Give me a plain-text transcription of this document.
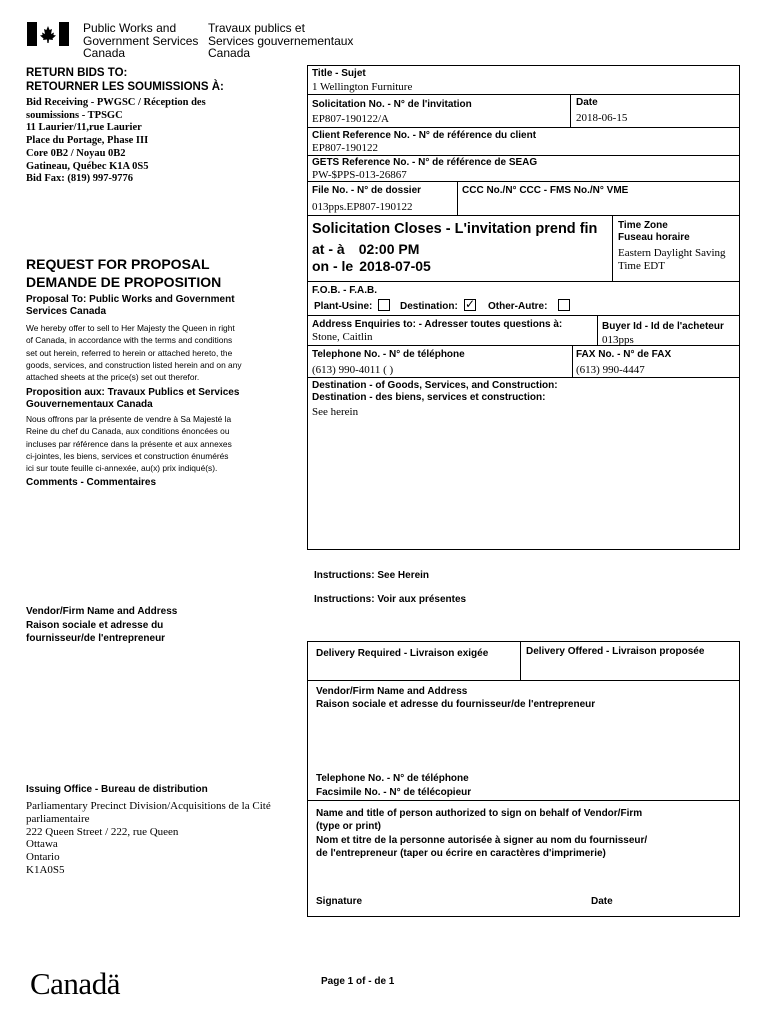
Public Works and
Government Services
Canada
Travaux publics et
Services gouvernementaux
Canada
RETURN BIDS TO:
RETOURNER LES SOUMISSIONS À:
Bid Receiving - PWGSC / Réception des
soumissions - TPSGC
11 Laurier/11,rue Laurier
Place du Portage, Phase III
Core 0B2 / Noyau 0B2
Gatineau, Québec K1A 0S5
Bid Fax: (819) 997-9776
REQUEST FOR PROPOSAL
DEMANDE DE PROPOSITION
Proposal To: Public Works and Government
Services Canada
We hereby offer to sell to Her Majesty the Queen in right
of Canada, in accordance with the terms and conditions
set out herein, referred to herein or attached hereto, the
goods, services, and construction listed herein and on any
attached sheets at the price(s) set out therefor.
Proposition aux: Travaux Publics et Services
Gouvernementaux Canada
Nous offrons par la présente de vendre à Sa Majesté la
Reine du chef du Canada, aux conditions énoncées ou
incluses par référence dans la présente et aux annexes
ci-jointes, les biens, services et construction énumérés
ici sur toute feuille ci-annexée, au(x) prix indiqué(s).
Comments - Commentaires
Title - Sujet
1 Wellington Furniture
Solicitation No. - N° de l'invitation
EP807-190122/A
Date
2018-06-15
Client Reference No. - N° de référence du client
EP807-190122
GETS Reference No. - N° de référence de SEAG
PW-$PPS-013-26867
File No. - N° de dossier
013pps.EP807-190122
CCC No./N° CCC - FMS No./N° VME
Solicitation Closes - L'invitation prend fin
at - à 02:00 PM
on - le 2018-07-05
Time Zone
Fuseau horaire
Eastern Daylight Saving
Time EDT
F.O.B. - F.A.B.
Plant-Usine:	Destination: ✓ Other-Autre:
Address Enquiries to: - Adresser toutes questions à:
Stone, Caitlin
Buyer Id - Id de l'acheteur
013pps
Telephone No. - N° de téléphone
(613) 990-4011 ( )
FAX No. - N° de FAX
(613) 990-4447
Destination - of Goods, Services, and Construction:
Destination - des biens, services et construction:
See herein
Instructions: See Herein
Instructions: Voir aux présentes
Vendor/Firm Name and Address
Raison sociale et adresse du
fournisseur/de l'entrepreneur
Delivery Required - Livraison exigée	Delivery Offered - Livraison proposée
Vendor/Firm Name and Address
Raison sociale et adresse du fournisseur/de l'entrepreneur
Telephone No. - N° de téléphone
Facsimile No. - N° de télécopieur
Name and title of person authorized to sign on behalf of Vendor/Firm
(type or print)
Nom et titre de la personne autorisée à signer au nom du fournisseur/
de l'entrepreneur (taper ou écrire en caractères d'imprimerie)
Signature	Date
Issuing Office - Bureau de distribution
Parliamentary Precinct Division/Acquisitions de la Cité
parliamentaire
222 Queen Street / 222, rue Queen
Ottawa
Ontario
K1A0S5
Canadä	Page 1 of - de 1
